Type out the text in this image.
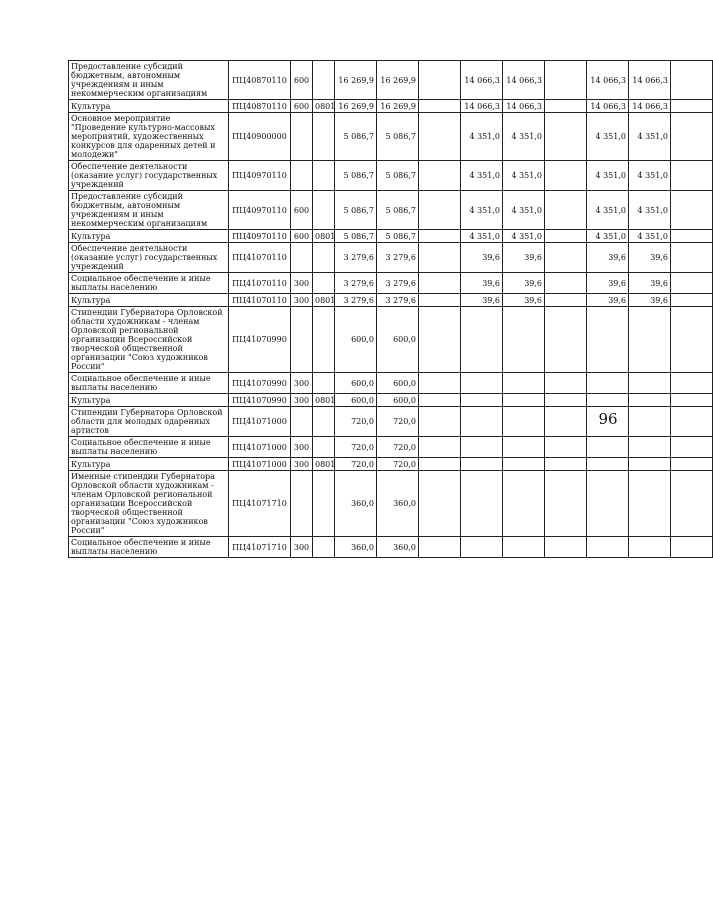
96
Предоставление субсидий бюджетным, автономным учреждениям и иным некоммерческим организациям	ПЦ40870110	600		16 269,9	16 269,9		14 066,3	14 066,3		14 066,3	14 066,3	
Культура	ПЦ40870110	600	0801	16 269,9	16 269,9		14 066,3	14 066,3		14 066,3	14 066,3	
Основное мероприятие "Проведение культурно-массовых мероприятий, художественных конкурсов для одаренных детей и молодежи"	ПЦ40900000			5 086,7	5 086,7		4 351,0	4 351,0		4 351,0	4 351,0	
Обеспечение деятельности (оказание услуг) государственных учреждений	ПЦ40970110			5 086,7	5 086,7		4 351,0	4 351,0		4 351,0	4 351,0	
Предоставление субсидий бюджетным, автономным учреждениям и иным некоммерческим организациям	ПЦ40970110	600		5 086,7	5 086,7		4 351,0	4 351,0		4 351,0	4 351,0	
Культура	ПЦ40970110	600	0801	5 086,7	5 086,7		4 351,0	4 351,0		4 351,0	4 351,0	
Обеспечение деятельности (оказание услуг) государственных учреждений	ПЦ41070110			3 279,6	3 279,6		39,6	39,6		39,6	39,6	
Социальное обеспечение и иные выплаты населению	ПЦ41070110	300		3 279,6	3 279,6		39,6	39,6		39,6	39,6	
Культура	ПЦ41070110	300	0801	3 279,6	3 279,6		39,6	39,6		39,6	39,6	
Стипендии Губернатора Орловской области художникам - членам Орловской региональной организации Всероссийской творческой общественной организации "Союз художников России"	ПЦ41070990			600,0	600,0							
Социальное обеспечение и иные выплаты населению	ПЦ41070990	300		600,0	600,0							
Культура	ПЦ41070990	300	0801	600,0	600,0							
Стипендии Губернатора Орловской области для молодых одаренных артистов	ПЦ41071000			720,0	720,0							
Социальное обеспечение и иные выплаты населению	ПЦ41071000	300		720,0	720,0							
Культура	ПЦ41071000	300	0801	720,0	720,0							
Именные стипендии Губернатора Орловской области художникам - членам Орловской региональной организации Всероссийской творческой общественной организации "Союз художников России"	ПЦ41071710			360,0	360,0							
Социальное обеспечение и иные выплаты населению	ПЦ41071710	300		360,0	360,0							
